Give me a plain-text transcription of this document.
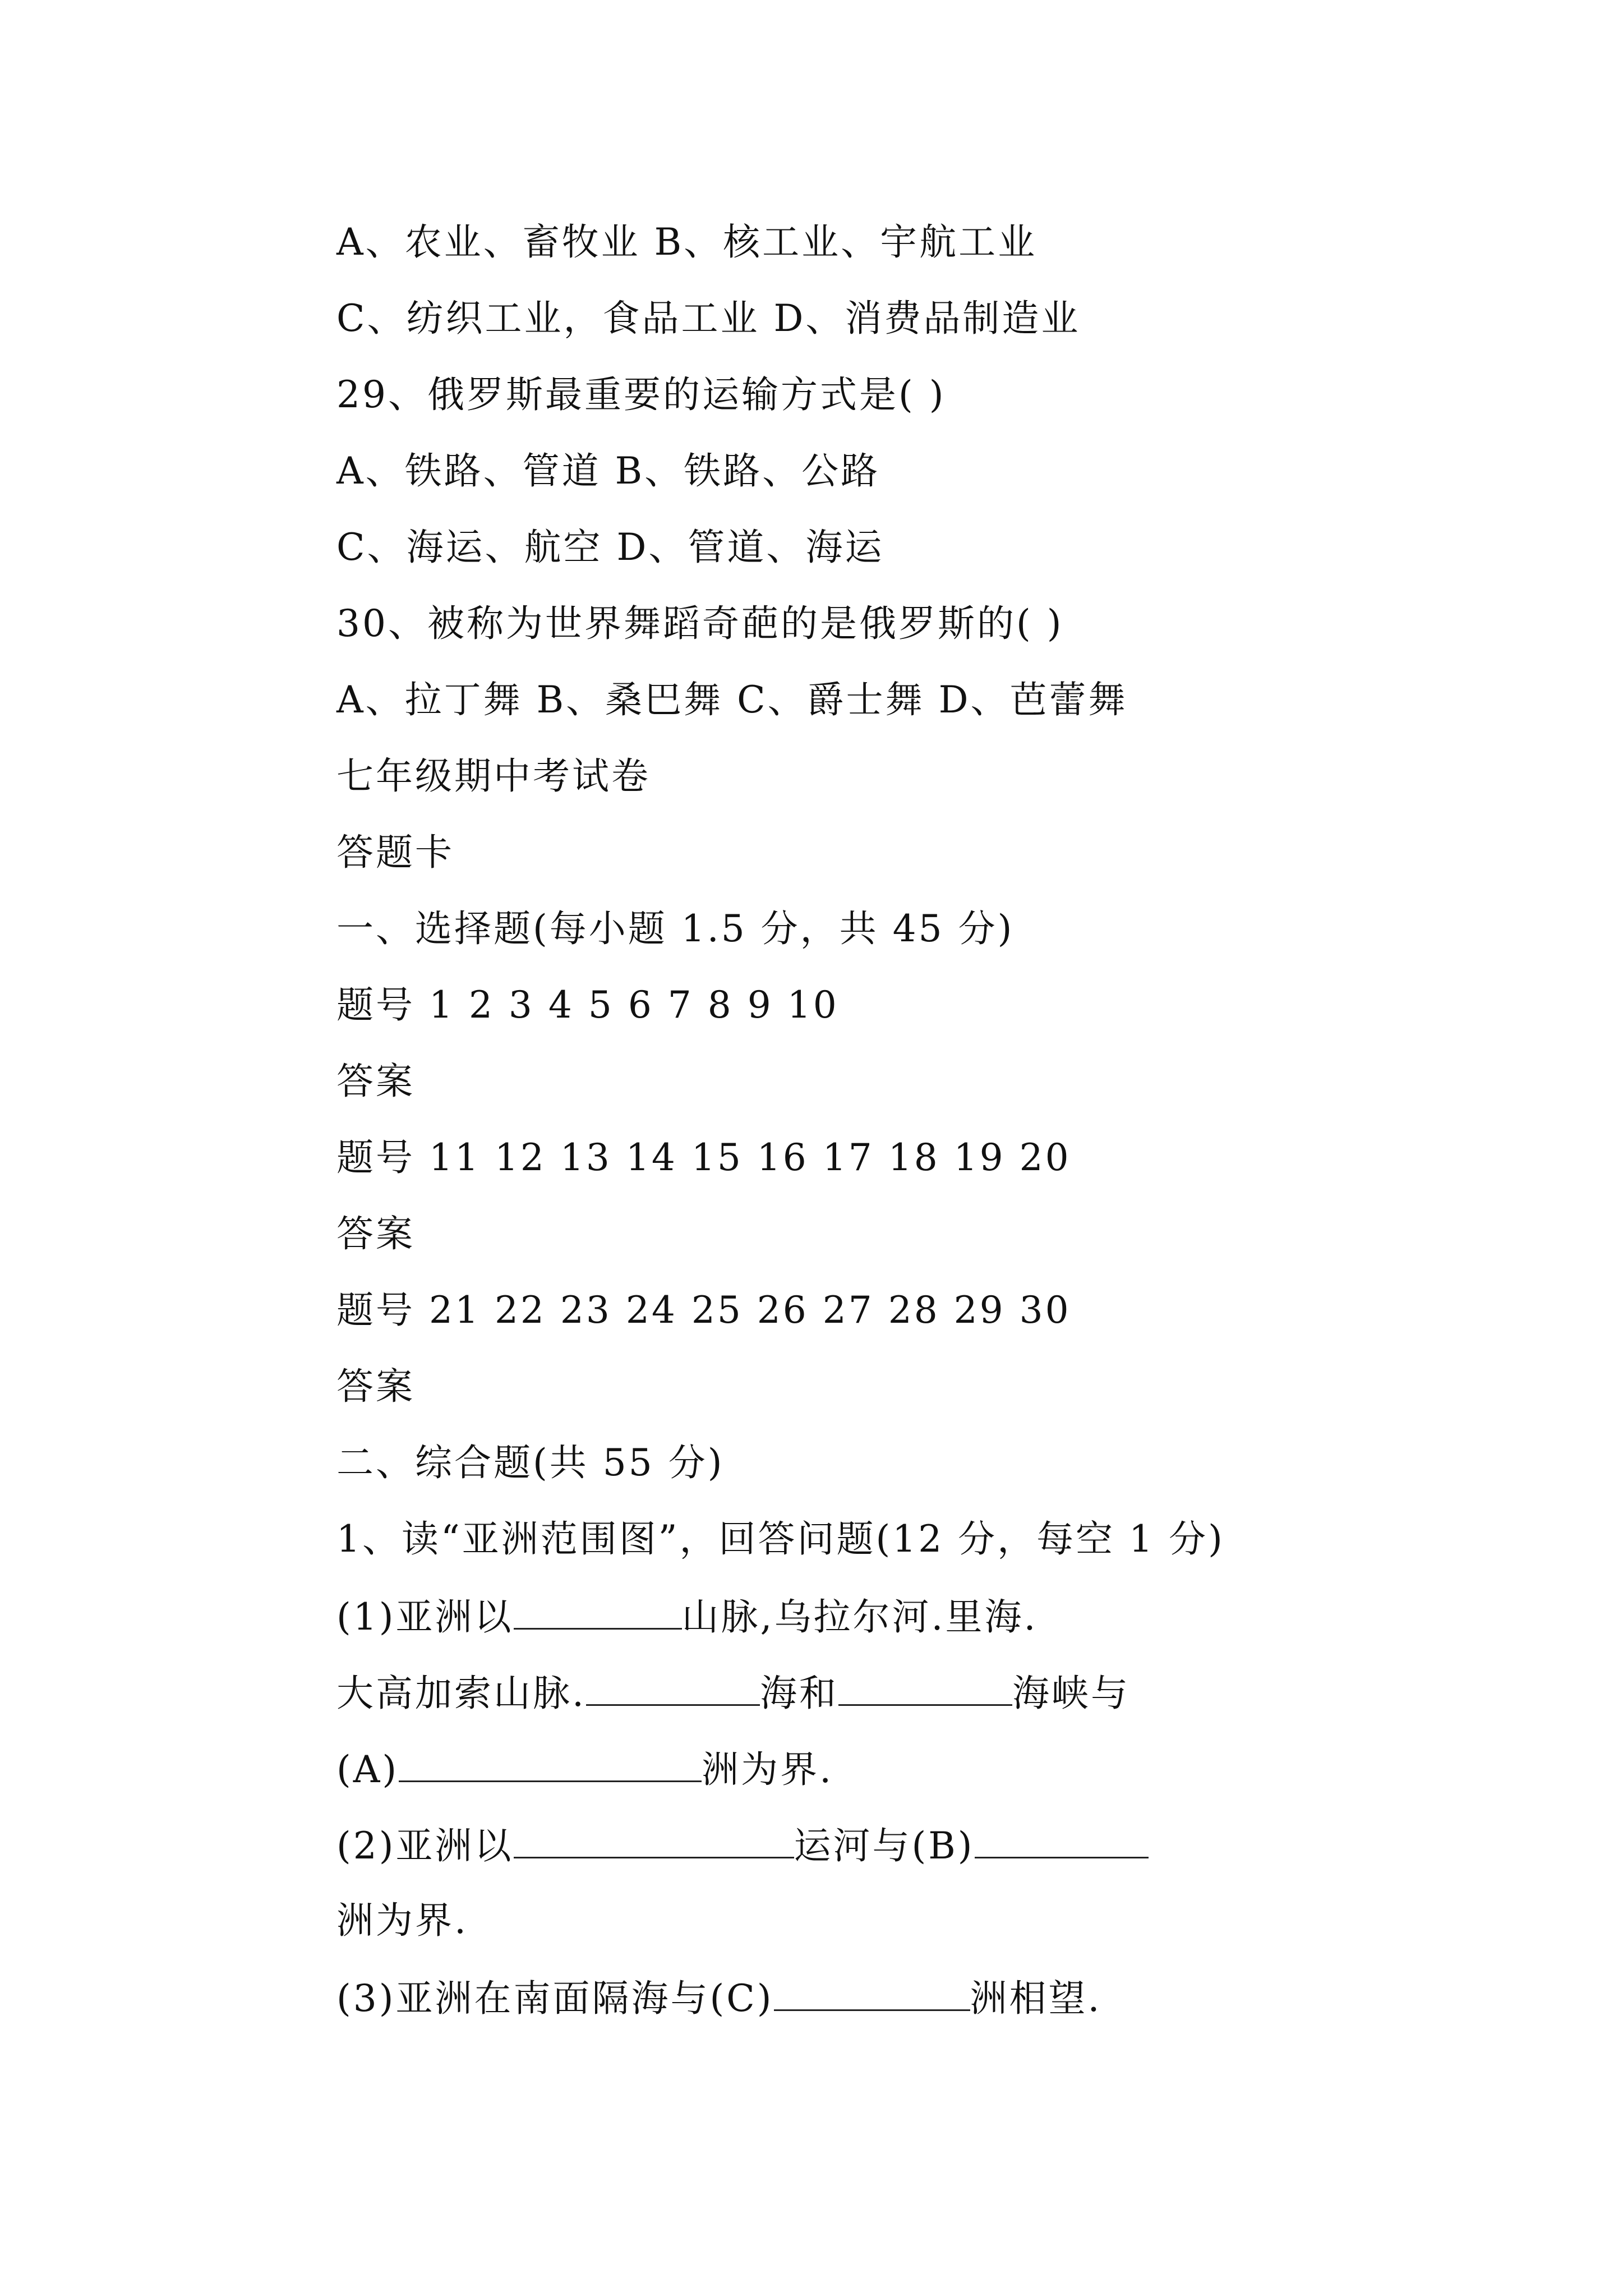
A、农业、畜牧业 B、核工业、宇航工业
C、纺织工业，食品工业 D、消费品制造业
29、俄罗斯最重要的运输方式是( )
A、铁路、管道 B、铁路、公路
C、海运、航空 D、管道、海运
30、被称为世界舞蹈奇葩的是俄罗斯的( )
A、拉丁舞 B、桑巴舞 C、爵士舞 D、芭蕾舞
七年级期中考试卷
答题卡
一、选择题(每小题 1.5 分，共 45 分)
题号 1 2 3 4 5 6 7 8 9 10
答案
题号 11 12 13 14 15 16 17 18 19 20
答案
题号 21 22 23 24 25 26 27 28 29 30
答案
二、综合题(共 55 分)
1、读“亚洲范围图”，回答问题(12 分，每空 1 分)
(1)亚洲以	山脉,乌拉尔河.里海.
大高加索山脉.	海和	海峡与
(A)	洲为界.
(2)亚洲以	运河与(B)
洲为界.
(3)亚洲在南面隔海与(C)	洲相望.
